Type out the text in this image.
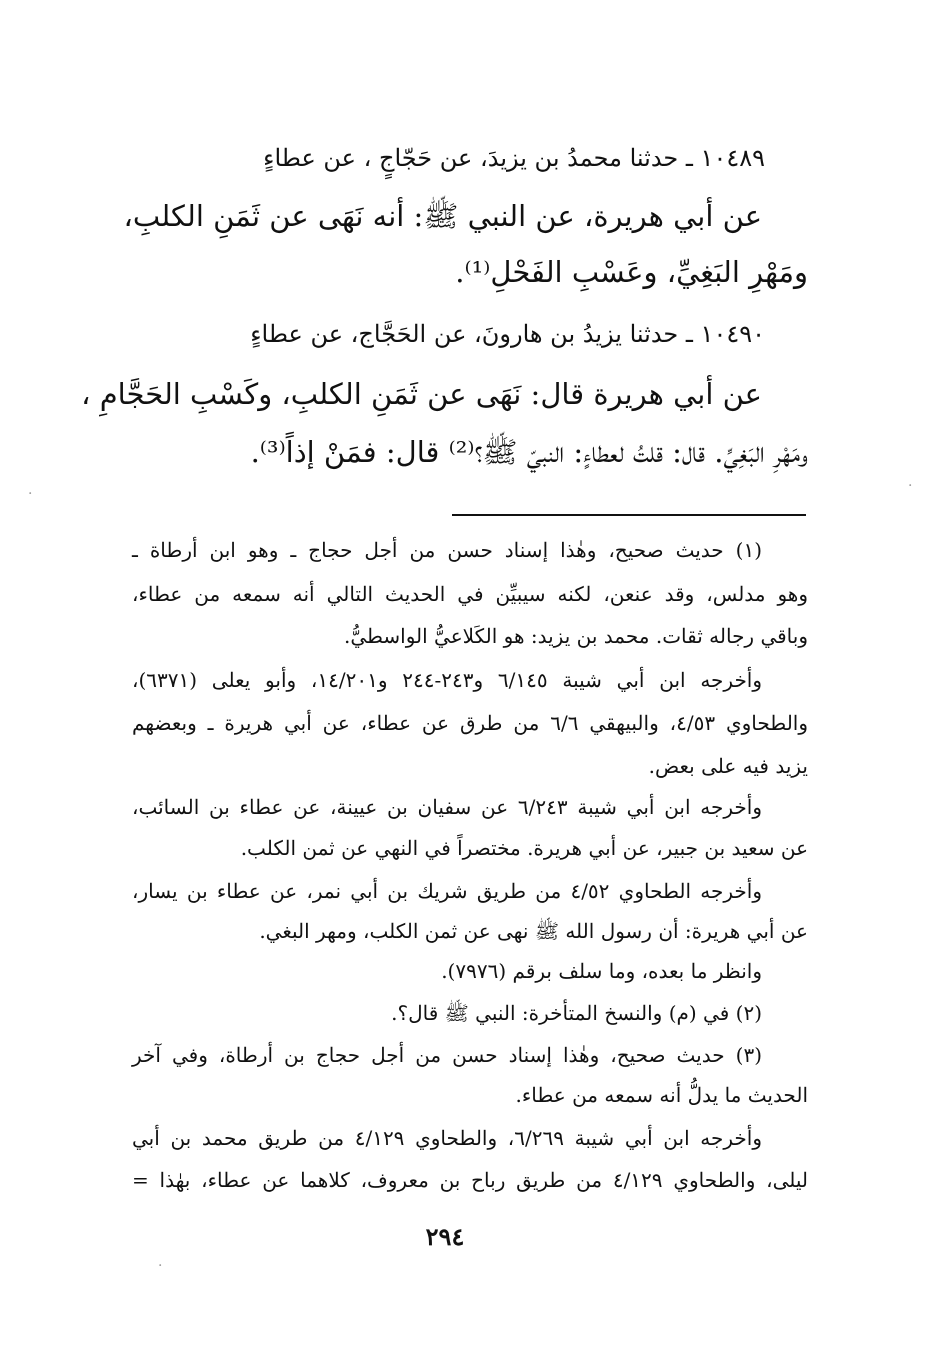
١٠٤٨٩ ـ حدثنا محمدُ بن يزيدَ، عن حَجّاجٍ ، عن عطاءٍ
عن أبي هريرة، عن النبي ﷺ: أنه نَهَى عن ثَمَنِ الكلبِ،
ومَهْرِ البَغِيِّ، وعَسْبِ الفَحْلِ⁽¹⁾.
١٠٤٩٠ ـ حدثنا يزيدُ بن هارونَ، عن الحَجَّاج، عن عطاءٍ
عن أبي هريرة قال: نَهَى عن ثَمَنِ الكلبِ، وكَسْبِ الحَجَّامِ ،
ومَهْرِ البَغِيِّ. قال: قلتُ لعطاءٍ: النبيّ ﷺ؟⁽²⁾ قال: فمَنْ إذاً⁽³⁾.
(١) حديث صحيح، وهٰذا إسناد حسن من أجل حجاج ـ وهو ابن أرطاة ـ
وهو مدلس، وقد عنعن، لكنه سيبيِّن في الحديث التالي أنه سمعه من عطاء،
وباقي رجاله ثقات. محمد بن يزيد: هو الكَلاعيُّ الواسطيُّ.
وأخرجه ابن أبي شيبة ٦/١٤٥ و٢٤٣-٢٤٤ و١٤/٢٠١، وأبو يعلى (٦٣٧١)،
والطحاوي ٤/٥٣، والبيهقي ٦/٦ من طرق عن عطاء، عن أبي هريرة ـ وبعضهم
يزيد فيه على بعض.
وأخرجه ابن أبي شيبة ٦/٢٤٣ عن سفيان بن عيينة، عن عطاء بن السائب،
عن سعيد بن جبير، عن أبي هريرة. مختصراً في النهي عن ثمن الكلب.
وأخرجه الطحاوي ٤/٥٢ من طريق شريك بن أبي نمر، عن عطاء بن يسار،
عن أبي هريرة: أن رسول الله ﷺ نهى عن ثمن الكلب، ومهر البغي.
وانظر ما بعده، وما سلف برقم (٧٩٧٦).
(٢) في (م) والنسخ المتأخرة: النبي ﷺ قال؟.
(٣) حديث صحيح، وهٰذا إسناد حسن من أجل حجاج بن أرطاة، وفي آخر
الحديث ما يدلُّ أنه سمعه من عطاء.
وأخرجه ابن أبي شيبة ٦/٢٦٩، والطحاوي ٤/١٢٩ من طريق محمد بن أبي
ليلى، والطحاوي ٤/١٢٩ من طريق رباح بن معروف، كلاهما عن عطاء، بهٰذا =
٢٩٤
·
·
·
